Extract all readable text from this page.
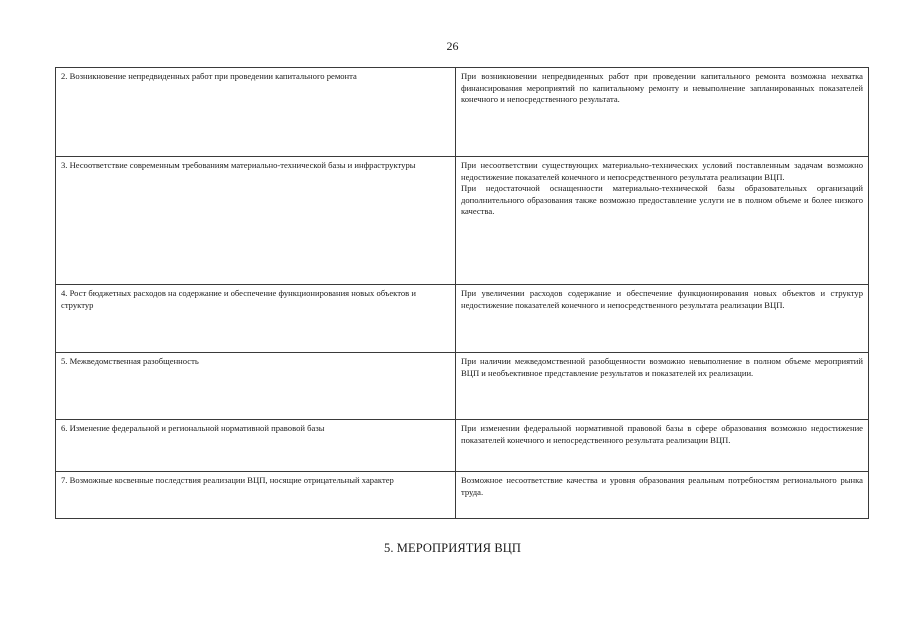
26
2. Возникновение непредвиденных работ при проведении капитального ремонта	При возникновении непредвиденных работ при проведении капитального ремонта возможна нехватка финансирования мероприятий по капитальному ремонту и невыполнение запланированных показателей конечного и непосредственного результата.

3. Несоответствие современным требованиям материально-технической базы и инфраструктуры	При несоответствии существующих материально-технических условий поставленным задачам возможно недостижение показателей конечного и непосредственного результата реализации ВЦП.

При недостаточной оснащенности материально-технической базы образовательных организаций дополнительного образования также возможно предоставление услуги не в полном объеме и более низкого качества.

4. Рост бюджетных расходов на содержание и обеспечение функционирования новых объектов и структур	При увеличении расходов содержание и обеспечение функционирования новых объектов и структур недостижение показателей конечного и непосредственного результата реализации ВЦП.

5. Межведомственная разобщенность	При наличии межведомственной разобщенности возможно невыполнение в полном объеме мероприятий ВЦП и необъективное представление результатов и показателей их реализации.

6. Изменение федеральной и региональной нормативной правовой базы	При изменении федеральной нормативной правовой базы в сфере образования возможно недостижение показателей конечного и непосредственного результата реализации ВЦП.

7. Возможные косвенные последствия реализации ВЦП, носящие отрицательный характер	Возможное несоответствие качества и уровня образования реальным потребностям регионального рынка труда.

5. МЕРОПРИЯТИЯ ВЦП
